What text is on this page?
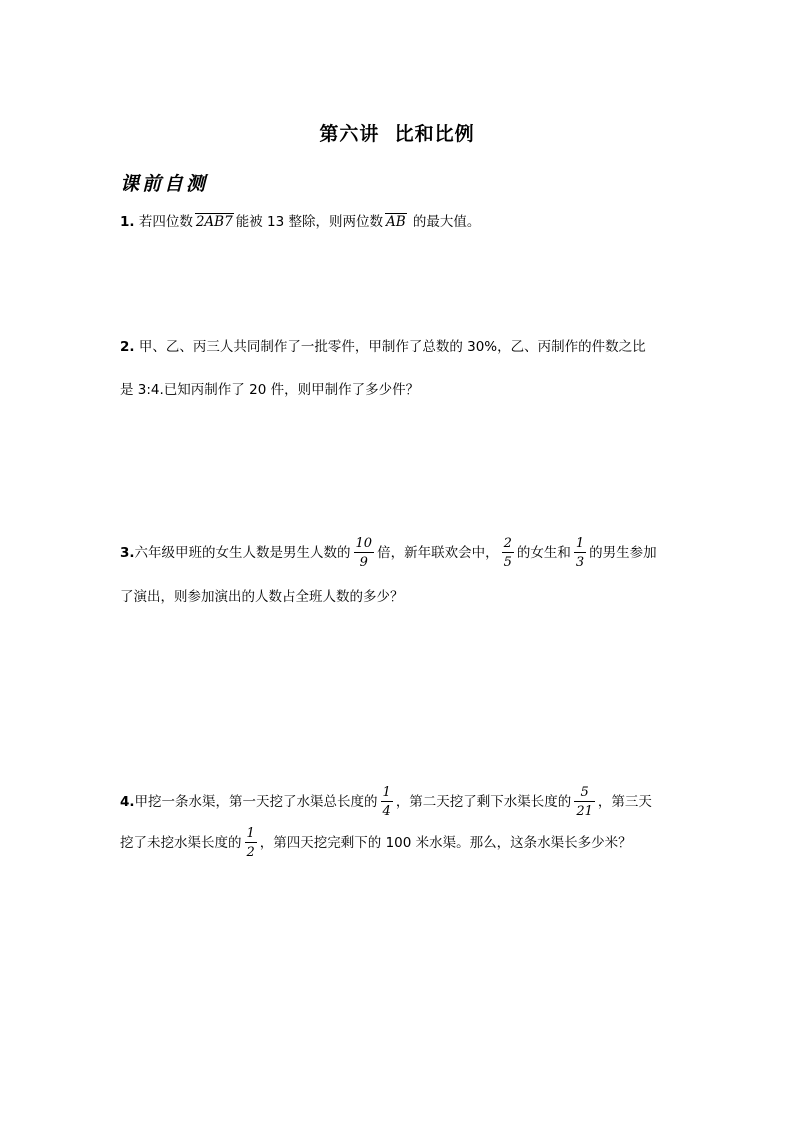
第六讲  比和比例
课前自测
1. 若四位数 2AB7 能被 13 整除，则两位数 AB 的最大值。
2. 甲、乙、丙三人共同制作了一批零件，甲制作了总数的 30%，乙、丙制作的件数之比
是 3:4.已知丙制作了 20 件，则甲制作了多少件？
3. 六年级甲班的女生人数是男生人数的 $\frac{10}{9}$ 倍，新年联欢会中， $\frac{2}{5}$ 的女生和 $\frac{1}{3}$ 的男生参加
了演出，则参加演出的人数占全班人数的多少？
4. 甲挖一条水渠，第一天挖了水渠总长度的 $\frac{1}{4}$ ，第二天挖了剩下水渠长度的 $\frac{5}{21}$ ，第三天
挖了未挖水渠长度的 $\frac{1}{2}$ ，第四天挖完剩下的 100 米水渠。那么，这条水渠长多少米？
